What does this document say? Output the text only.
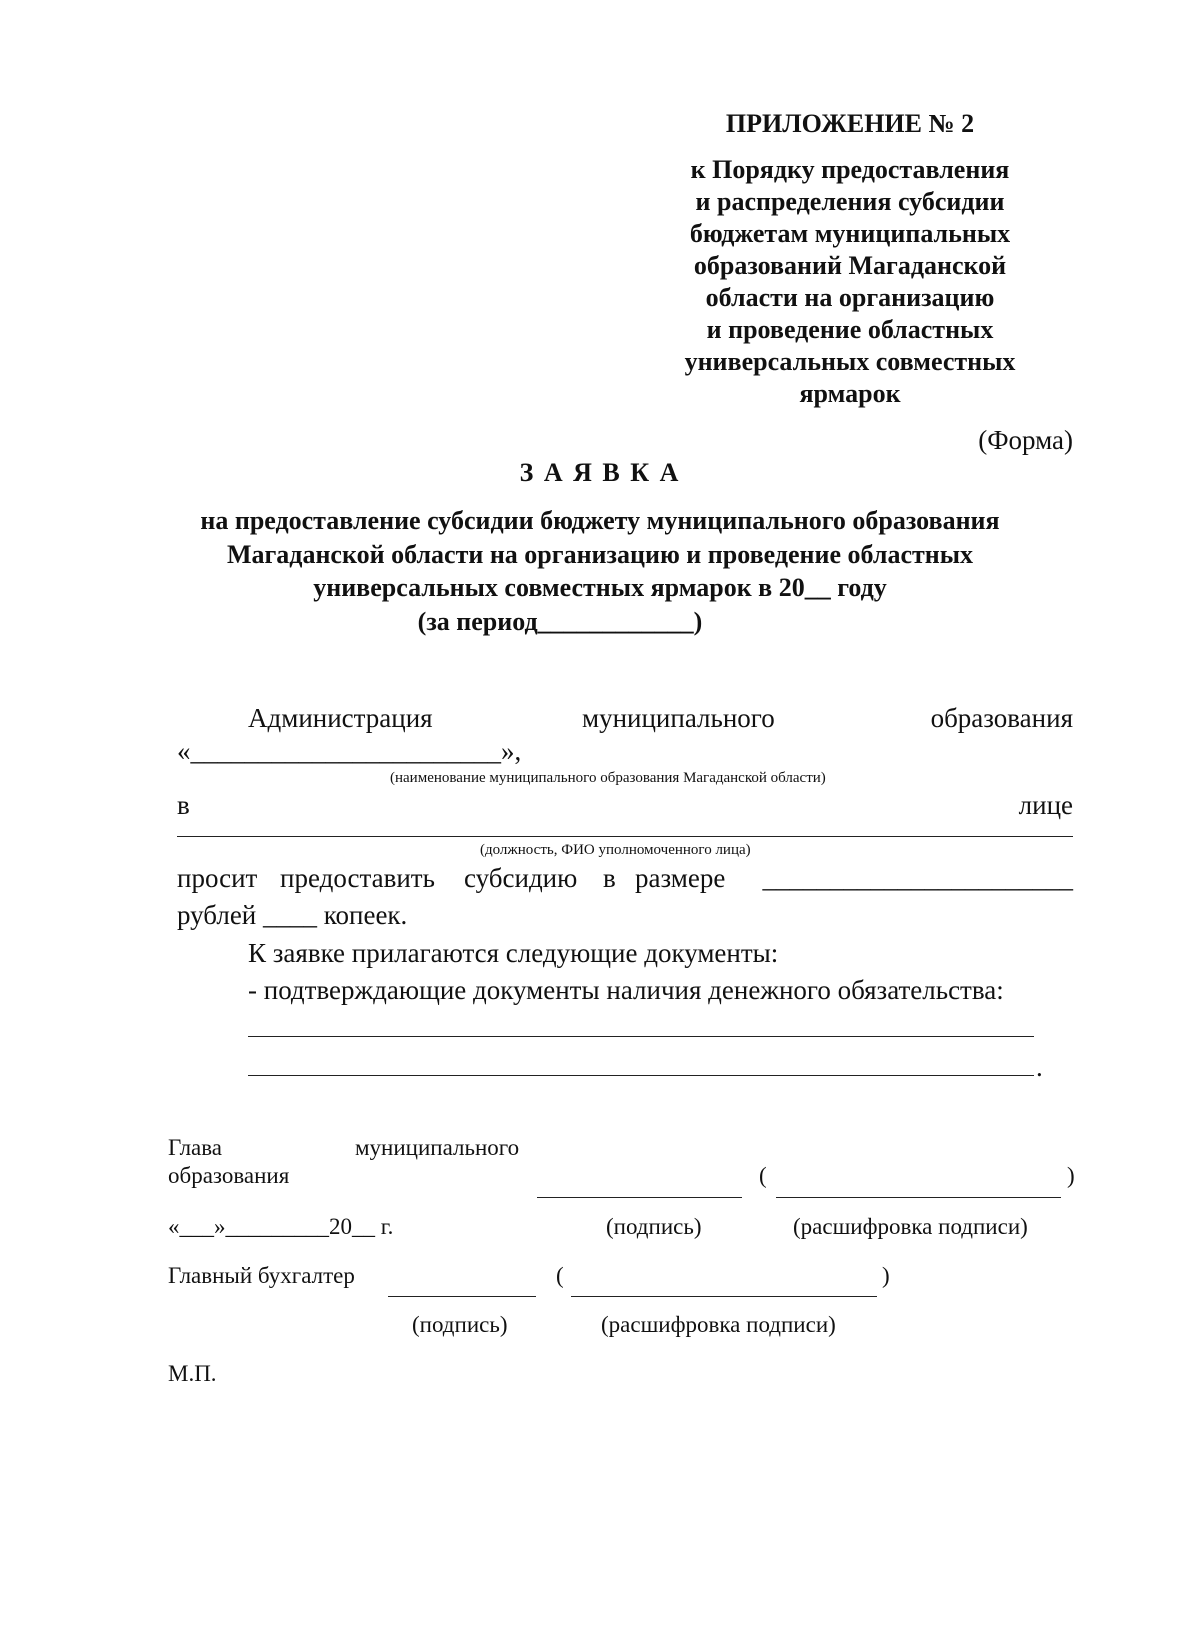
ПРИЛОЖЕНИЕ № 2
к Порядку предоставления
и распределения субсидии
бюджетам муниципальных
образований Магаданской
области на организацию
и проведение областных
универсальных совместных
ярмарок
(Форма)
З А Я В К А
на предоставление субсидии бюджету муниципального образования
Магаданской области на организацию и проведение областных
универсальных совместных ярмарок в 20__ году
(за период____________)
Администрация	муниципального	образования
«_______________________»,
(наименование муниципального образования Магаданской области)
в	лице
(должность, ФИО уполномоченного лица)
просит предоставить субсидию в размере _______________________
рублей ____ копеек.
К заявке прилагаются следующие документы:
- подтверждающие документы наличия денежного обязательства:
.
Глава	муниципального
образования	(	)
«___»_________20__ г.	(подпись)	(расшифровка подписи)
Главный бухгалтер	(	)
(подпись)	(расшифровка подписи)
М.П.
